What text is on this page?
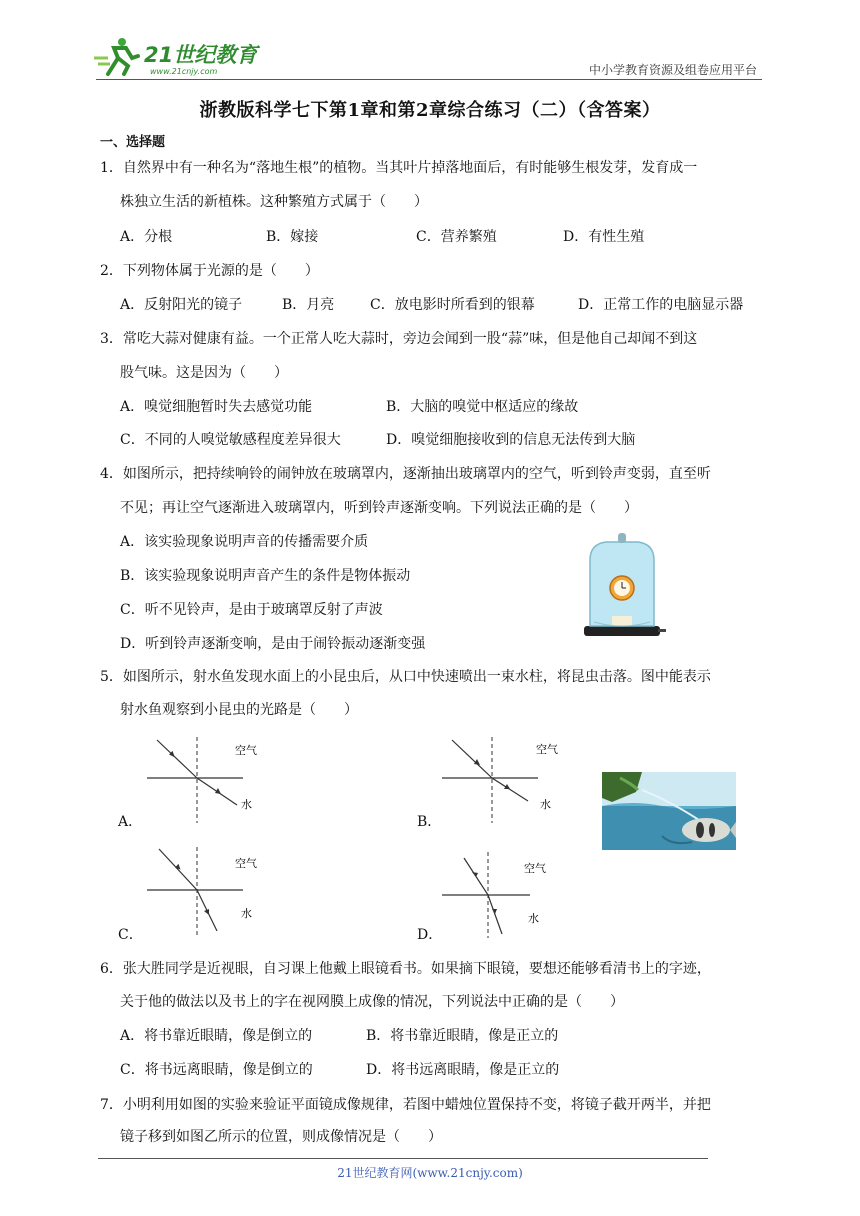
21世纪教育
www.21cnjy.com	中小学教育资源及组卷应用平台
浙教版科学七下第1章和第2章综合练习（二）（含答案）
一、选择题
1．自然界中有一种名为“落地生根”的植物。当其叶片掉落地面后，有时能够生根发芽，发育成一
株独立生活的新植株。这种繁殖方式属于（　　）
A．分根	B．嫁接	C．营养繁殖	D．有性生殖
2．下列物体属于光源的是（　　）
A．反射阳光的镜子	B．月亮	C．放电影时所看到的银幕	D．正常工作的电脑显示器
3．常吃大蒜对健康有益。一个正常人吃大蒜时，旁边会闻到一股“蒜”味，但是他自己却闻不到这
股气味。这是因为（　　）
A．嗅觉细胞暂时失去感觉功能	B．大脑的嗅觉中枢适应的缘故
C．不同的人嗅觉敏感程度差异很大	D．嗅觉细胞接收到的信息无法传到大脑
4．如图所示，把持续响铃的闹钟放在玻璃罩内，逐渐抽出玻璃罩内的空气，听到铃声变弱，直至听
不见；再让空气逐渐进入玻璃罩内，听到铃声逐渐变响。下列说法正确的是（　　）
A．该实验现象说明声音的传播需要介质
B．该实验现象说明声音产生的条件是物体振动
C．听不见铃声，是由于玻璃罩反射了声波
D．听到铃声逐渐变响，是由于闹铃振动逐渐变强
5．如图所示，射水鱼发现水面上的小昆虫后，从口中快速喷出一束水柱，将昆虫击落。图中能表示
射水鱼观察到小昆虫的光路是（　　）
A．
空气
水
B．
空气
水
C．
空气
水
D．
空气
水
6．张大胜同学是近视眼，自习课上他戴上眼镜看书。如果摘下眼镜，要想还能够看清书上的字迹，
关于他的做法以及书上的字在视网膜上成像的情况，下列说法中正确的是（　　）
A．将书靠近眼睛，像是倒立的	B．将书靠近眼睛，像是正立的
C．将书远离眼睛，像是倒立的	D．将书远离眼睛，像是正立的
7．小明利用如图的实验来验证平面镜成像规律，若图中蜡烛位置保持不变，将镜子截开两半，并把
镜子移到如图乙所示的位置，则成像情况是（　　）
21世纪教育网(www.21cnjy.com)
